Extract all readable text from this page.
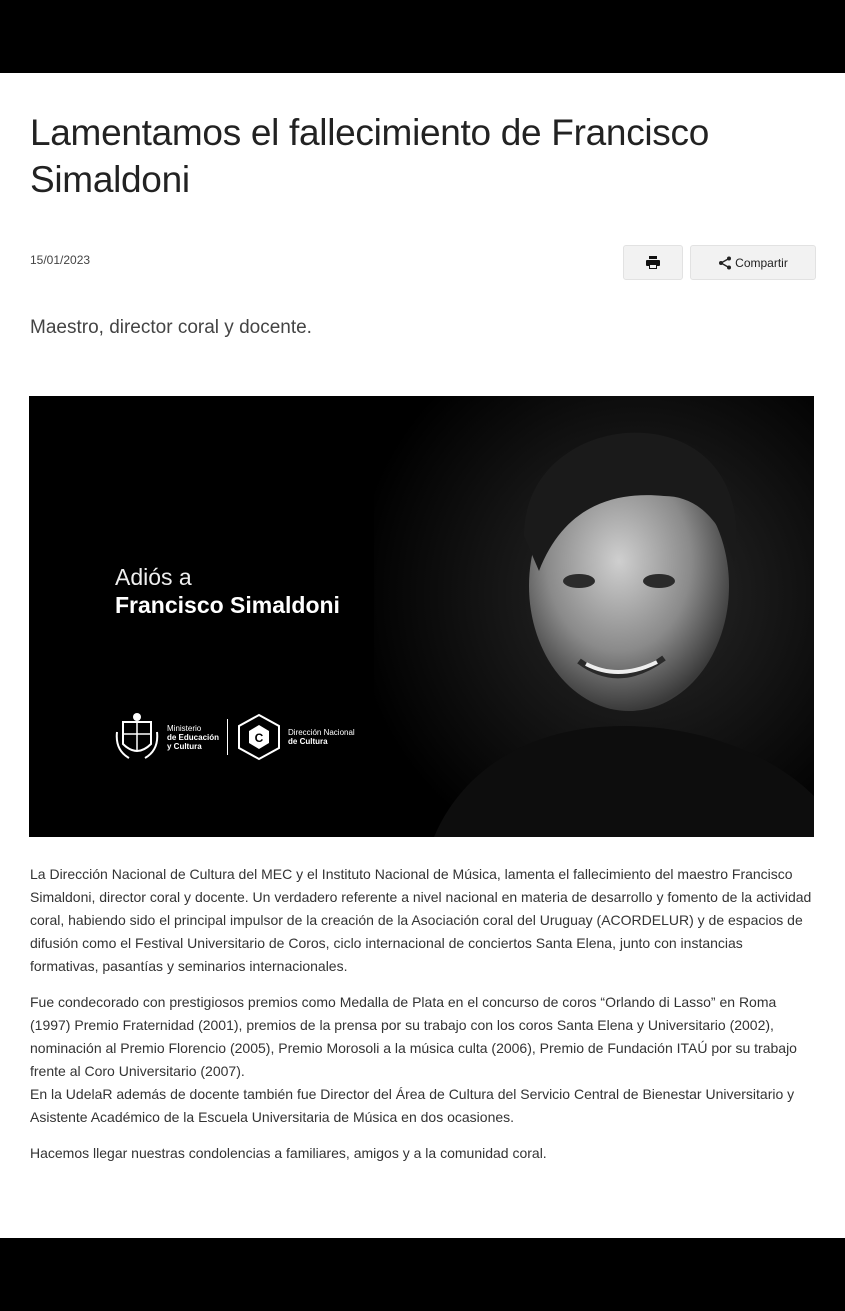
Lamentamos el fallecimiento de Francisco Simaldoni
15/01/2023	Compartir
Maestro, director coral y docente.
Adiós a
Francisco Simaldoni
Ministerio
de Educación
y Cultura
C	Dirección Nacional
de Cultura

La Dirección Nacional de Cultura del MEC y el Instituto Nacional de Música, lamenta el fallecimiento del maestro Francisco Simaldoni, director coral y docente. Un verdadero referente a nivel nacional en materia de desarrollo y fomento de la actividad coral, habiendo sido el principal impulsor de la creación de la Asociación coral del Uruguay (ACORDELUR) y de espacios de difusión como el Festival Universitario de Coros, ciclo internacional de conciertos Santa Elena, junto con instancias formativas, pasantías y seminarios internacionales.

Fue condecorado con prestigiosos premios como Medalla de Plata en el concurso de coros “Orlando di Lasso” en Roma (1997) Premio Fraternidad (2001), premios de la prensa por su trabajo con los coros Santa Elena y Universitario (2002), nominación al Premio Florencio (2005), Premio Morosoli a la música culta (2006), Premio de Fundación ITAÚ por su trabajo frente al Coro Universitario (2007).
En la UdelaR además de docente también fue Director del Área de Cultura del Servicio Central de Bienestar Universitario y Asistente Académico de la Escuela Universitaria de Música en dos ocasiones.

Hacemos llegar nuestras condolencias a familiares, amigos y a la comunidad coral.
